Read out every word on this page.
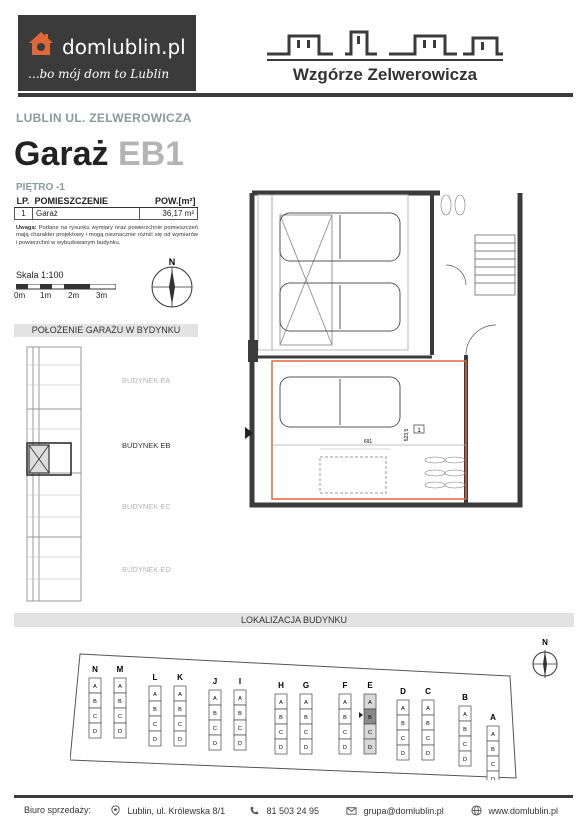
domlublin.pl
...bo mój dom to Lublin	Wzgórze Zelwerowicza
LUBLIN UL. ZELWEROWICZA
Garaż EB1
PIĘTRO -1
LP.	POMIESZCZENIE	POW.[m²]
1	Garaż	36,17 m²
Uwaga: Podane na rysunku wymiary oraz powierzchnie pomieszczeń mają charakter projektowy i mogą nieznacznie różnić się od wymiarów i powierzchni w wybudowanym budynku.
Skala 1:100
0m 1m 2m 3m
N
POŁOŻENIE GARAŻU W BYDYNKU
BUDYNEK EA
BUDYNEK EB
BUDYNEK EC
BUDYNEK ED
691
523,5 1
LOKALIZACJA BUDYNKU
N
A
B
C
D
M
A
B
C
D
L
A
B
C
D
K
A
B
C
D
J
A
B
C
D
I
A
B
C
D
H
A
B
C
D
G
A
B
C
D
F
A
B
C
D
E
A
B
C
D
D
A
B
C
D
C
A
B
C
D
B
A
B
C
D
A
A
B
C
D
N
Biuro sprzedaży:	Lublin, ul. Królewska 8/1	81 503 24 95	grupa@domlublin.pl	www.domlublin.pl
